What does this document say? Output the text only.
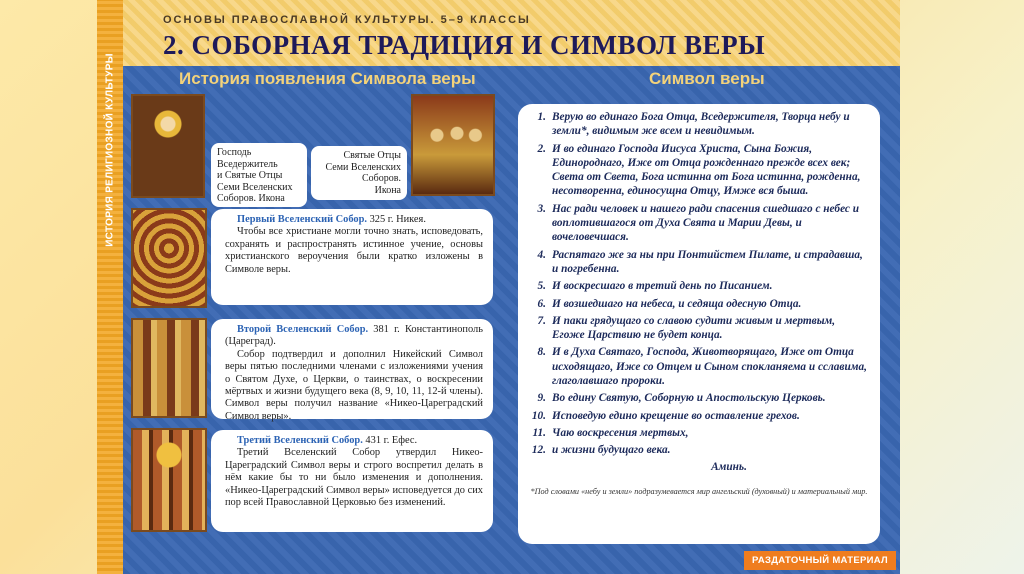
ИСТОРИЯ РЕЛИГИОЗНОЙ КУЛЬТУРЫ
ОСНОВЫ ПРАВОСЛАВНОЙ КУЛЬТУРЫ. 5–9 КЛАССЫ
2. СОБОРНАЯ ТРАДИЦИЯ И СИМВОЛ ВЕРЫ
История появления Символа веры	Символ веры
Господь
Вседержитель
и Святые Отцы
Семи Вселенских
Соборов. Икона
Святые Отцы
Семи Вселенских
Соборов.
Икона

Первый Вселенский Собор. 325 г. Никея.

Чтобы все христиане могли точно знать, исповедовать, сохранять и распространять истинное учение, основы христианского вероучения были кратко изложены в Символе веры.

Второй Вселенский Собор. 381 г. Константинополь (Цареград).

Собор подтвердил и дополнил Никейский Символ веры пятью последними членами с изложениями учения о Святом Духе, о Церкви, о таинствах, о воскресении мёртвых и жизни будущего века (8, 9, 10, 11, 12-й члены). Символ веры получил название «Никео-Цареградский Символ веры».

Третий Вселенский Собор. 431 г. Ефес.

Третий Вселенский Собор утвердил Никео-Цареградский Символ веры и строго воспретил делать в нём какие бы то ни было изменения и дополнения. «Никео-Цареградский Символ веры» исповедуется до сих пор всей Православной Церковью без изменений.

1. Верую во единаго Бога Отца, Вседержителя, Творца небу и земли*, видимым же всем и невидимым.
2. И во единаго Господа Иисуса Христа, Сына Божия, Единороднаго, Иже от Отца рожденнаго прежде всех век; Света от Света, Бога истинна от Бога истинна, рожденна, несотворенна, единосущна Отцу, Имже вся быша.
3. Нас ради человек и нашего ради спасения сшедшаго с небес и воплотившагося от Духа Свята и Марии Девы, и вочеловечшася.
4. Распятаго же за ны при Понтийстем Пилате, и страдавша, и погребенна.
5. И воскресшаго в третий день по Писанием.
6. И возшедшаго на небеса, и седяща одесную Отца.
7. И паки грядущаго со славою судити живым и мертвым, Егоже Царствию не будет конца.
8. И в Духа Святаго, Господа, Животворящаго, Иже от Отца исходящаго, Иже со Отцем и Сыном спокланяема и сславима, глаголавшаго пророки.
9. Во едину Святую, Соборную и Апостольскую Церковь.
10. Исповедую едино крещение во оставление грехов.
11. Чаю воскресения мертвых,
12. и жизни будущаго века.
Аминь.
*Под словами «небу и земли» подразумевается мир ангельский (духовный) и материальный мир.
РАЗДАТОЧНЫЙ МАТЕРИАЛ
